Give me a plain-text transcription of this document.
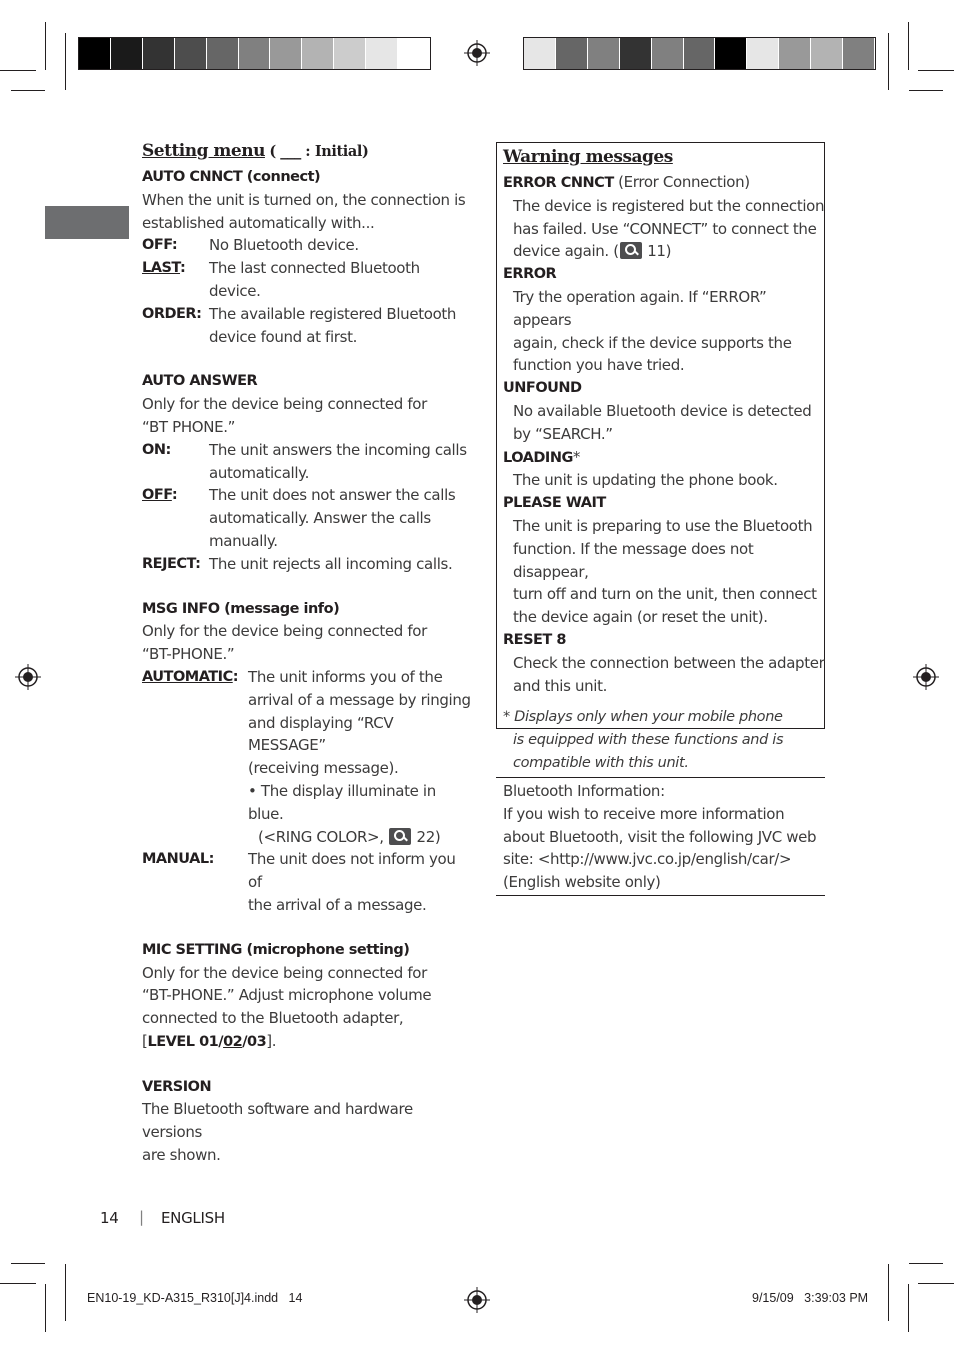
Setting menu ( ___ : Initial)

AUTO CNNCT (connect)

When the unit is turned on, the connection is

established automatically with...

OFF:	No Bluetooth device.
LAST:	The last connected Bluetooth device.
ORDER: The available registered Bluetooth
device found at first.

AUTO ANSWER

Only for the device being connected for

“BT PHONE.”

ON:	The unit answers the incoming calls
automatically.
OFF:	The unit does not answer the calls
automatically. Answer the calls
manually.
REJECT: The unit rejects all incoming calls.

MSG INFO (message info)

Only for the device being connected for

“BT-PHONE.”

AUTOMATIC: The unit informs you of the
arrival of a message by ringing
and displaying “RCV MESSAGE”
(receiving message).
• The display illuminate in blue.
(<RING COLOR>, 22)
MANUAL:	The unit does not inform you of
the arrival of a message.

MIC SETTING (microphone setting)

Only for the device being connected for

“BT-PHONE.” Adjust microphone volume

connected to the Bluetooth adapter,

[LEVEL 01/02/03].

VERSION

The Bluetooth software and hardware versions

are shown.

Warning messages

ERROR CNNCT (Error Connection)

The device is registered but the connection

has failed. Use “CONNECT” to connect the

device again. ( 11)

ERROR

Try the operation again. If “ERROR” appears

again, check if the device supports the

function you have tried.

UNFOUND

No available Bluetooth device is detected

by “SEARCH.”

LOADING*

The unit is updating the phone book.

PLEASE WAIT

The unit is preparing to use the Bluetooth

function. If the message does not disappear,

turn off and turn on the unit, then connect

the device again (or reset the unit).

RESET 8

Check the connection between the adapter

and this unit.

* Displays only when your mobile phone

is equipped with these functions and is

compatible with this unit.

Bluetooth Information:

If you wish to receive more information

about Bluetooth, visit the following JVC web

site: <http://www.jvc.co.jp/english/car/>

(English website only)

14 | ENGLISH
EN10-19_KD-A315_R310[J]4.indd 14	9/15/09 3:39:03 PM
